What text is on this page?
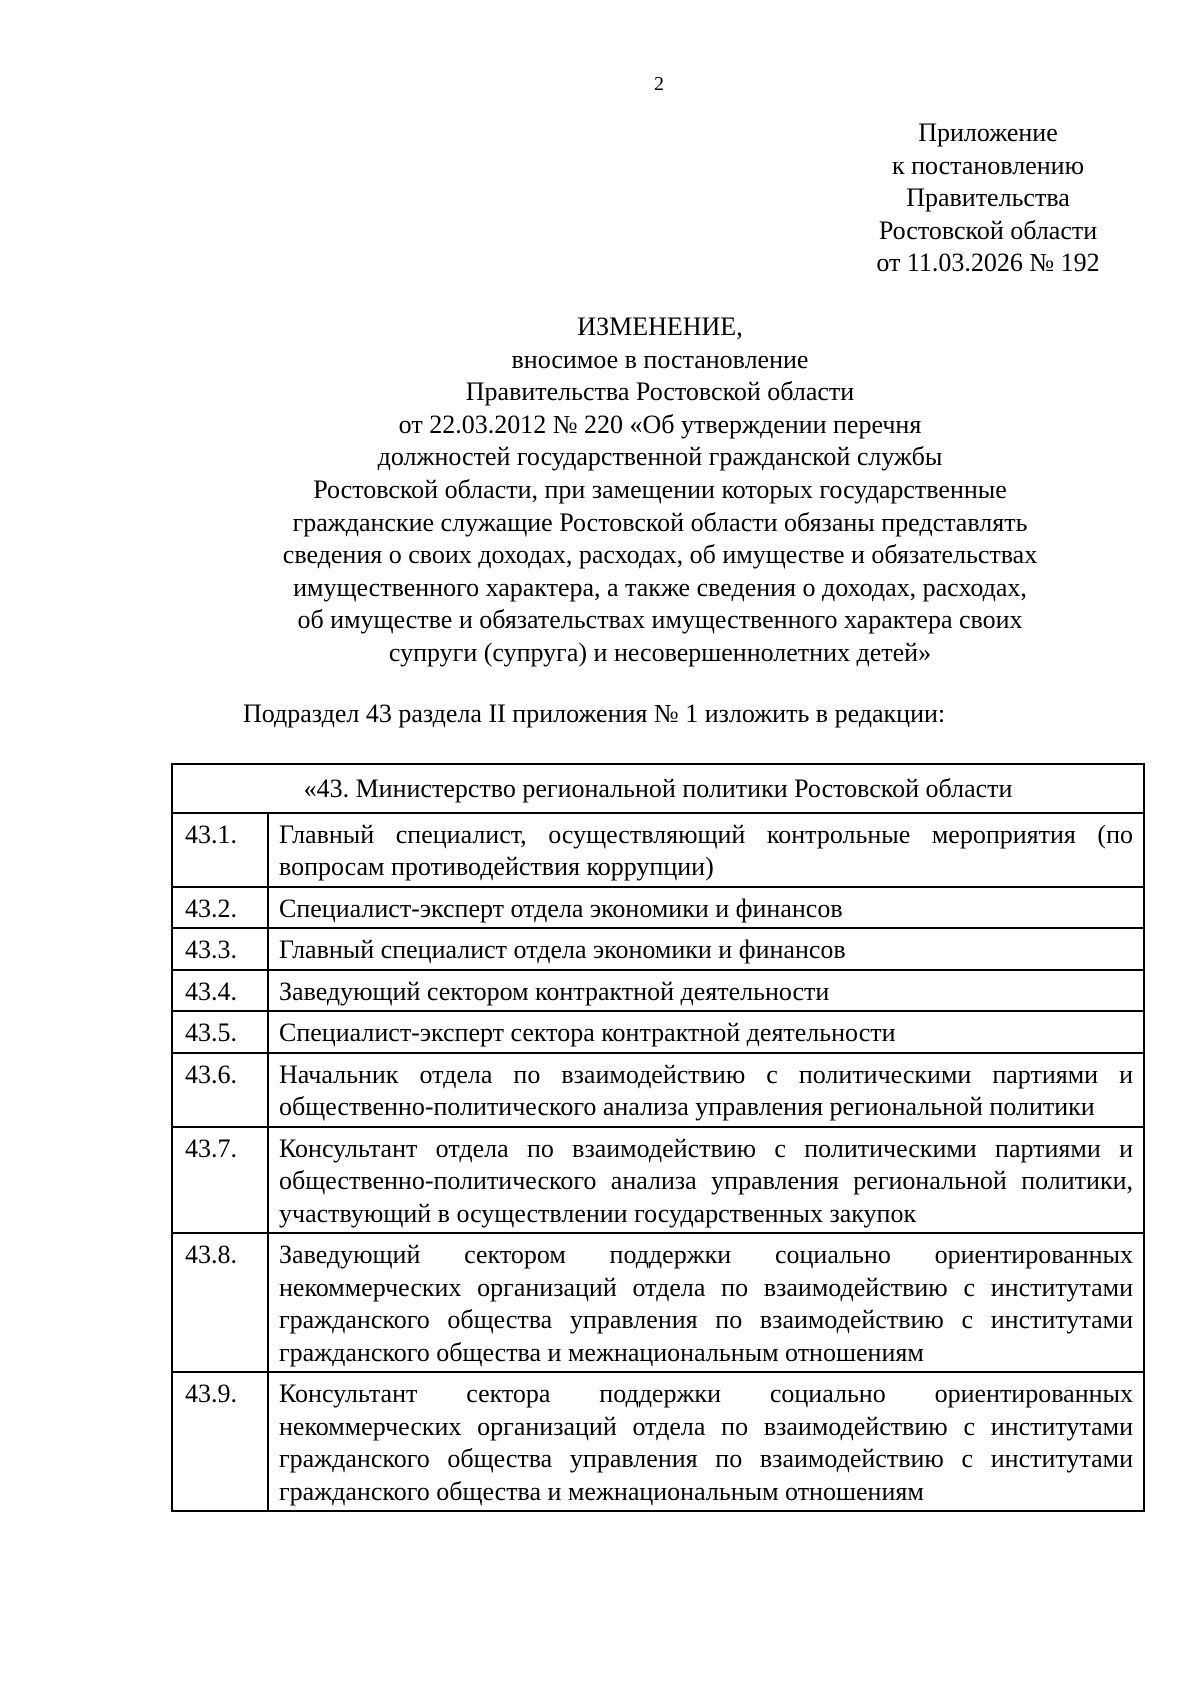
2
Приложение
к постановлению
Правительства
Ростовской области
от 11.03.2026 № 192
ИЗМЕНЕНИЕ,
вносимое в постановление
Правительства Ростовской области
от 22.03.2012 № 220 «Об утверждении перечня
должностей государственной гражданской службы
Ростовской области, при замещении которых государственные
гражданские служащие Ростовской области обязаны представлять
сведения о своих доходах, расходах, об имуществе и обязательствах
имущественного характера, а также сведения о доходах, расходах,
об имуществе и обязательствах имущественного характера своих
супруги (супруга) и несовершеннолетних детей»
Подраздел 43 раздела II приложения № 1 изложить в редакции:
«43. Министерство региональной политики Ростовской области	
43.1.	Главный специалист, осуществляющий контрольные мероприятия (по вопросам противодействия коррупции)
43.2.	Специалист-эксперт отдела экономики и финансов
43.3.	Главный специалист отдела экономики и финансов
43.4.	Заведующий сектором контрактной деятельности
43.5.	Специалист-эксперт сектора контрактной деятельности
43.6.	Начальник отдела по взаимодействию с политическими партиями и общественно-политического анализа управления региональной политики
43.7.	Консультант отдела по взаимодействию с политическими партиями и общественно-политического анализа управления региональной политики, участвующий в осуществлении государственных закупок
43.8.	Заведующий сектором поддержки социально ориентированных некоммерческих организаций отдела по взаимодействию с институтами гражданского общества управления по взаимодействию с институтами гражданского общества и межнациональным отношениям
43.9.	Консультант сектора поддержки социально ориентированных некоммерческих организаций отдела по взаимодействию с институтами гражданского общества управления по взаимодействию с институтами гражданского общества и межнациональным отношениям
